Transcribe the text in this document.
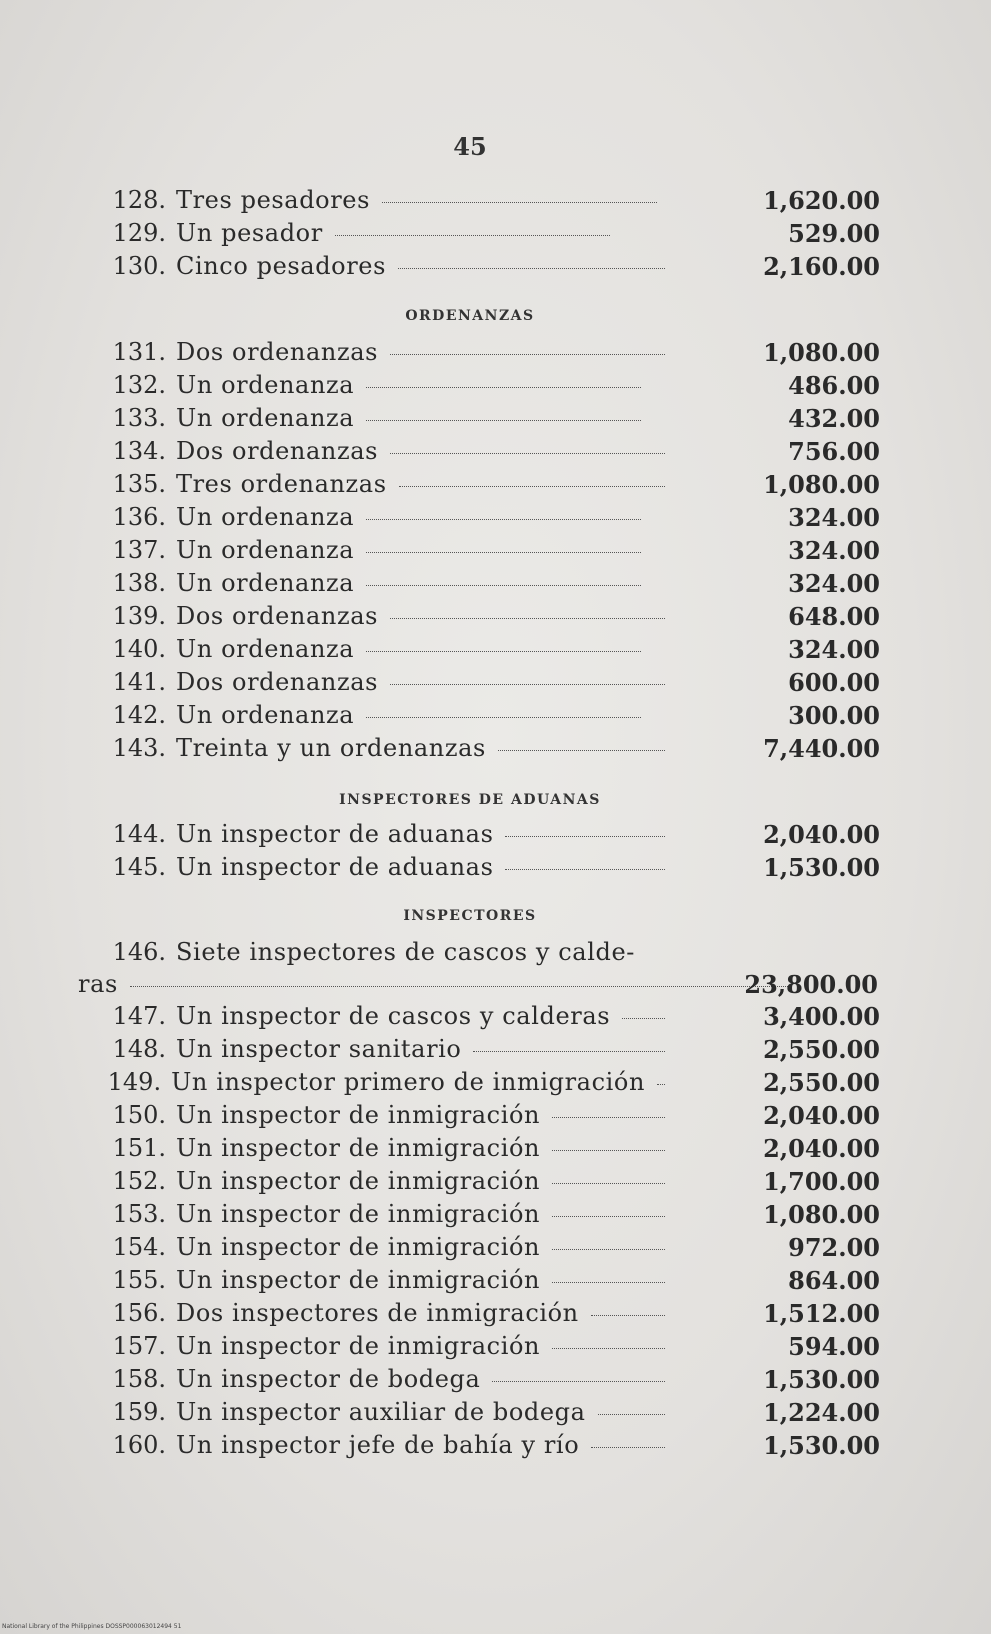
45
128. Tres pesadores	1,620.00
129. Un pesador	529.00
130. Cinco pesadores	2,160.00
ORDENANZAS
131. Dos ordenanzas	1,080.00
132. Un ordenanza	486.00
133. Un ordenanza	432.00
134. Dos ordenanzas	756.00
135. Tres ordenanzas	1,080.00
136. Un ordenanza	324.00
137. Un ordenanza	324.00
138. Un ordenanza	324.00
139. Dos ordenanzas	648.00
140. Un ordenanza	324.00
141. Dos ordenanzas	600.00
142. Un ordenanza	300.00
143. Treinta y un ordenanzas	7,440.00
INSPECTORES DE ADUANAS
144. Un inspector de aduanas	2,040.00
145. Un inspector de aduanas	1,530.00
INSPECTORES
146. Siete inspectores de cascos y calde-
ras	23,800.00
147. Un inspector de cascos y calderas	3,400.00
148. Un inspector sanitario	2,550.00
149. Un inspector primero de inmigración	2,550.00
150. Un inspector de inmigración	2,040.00
151. Un inspector de inmigración	2,040.00
152. Un inspector de inmigración	1,700.00
153. Un inspector de inmigración	1,080.00
154. Un inspector de inmigración	972.00
155. Un inspector de inmigración	864.00
156. Dos inspectores de inmigración	1,512.00
157. Un inspector de inmigración	594.00
158. Un inspector de bodega	1,530.00
159. Un inspector auxiliar de bodega	1,224.00
160. Un inspector jefe de bahía y río	1,530.00
National Library of the Philippines DOSSP000063012494 51
